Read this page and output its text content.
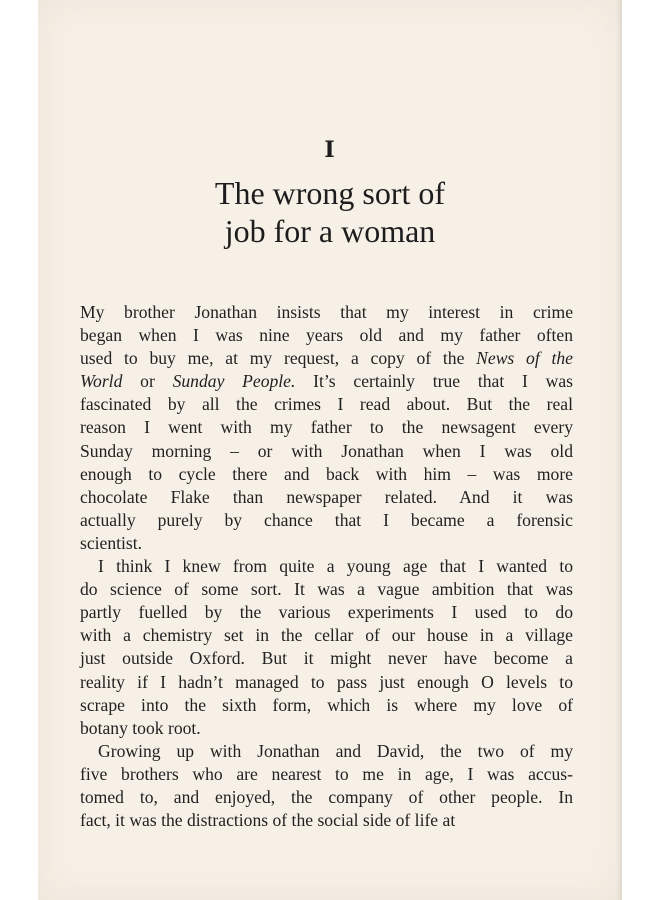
I
The wrong sort of
job for a woman
My brother Jonathan insists that my interest in crime
began when I was nine years old and my father often
used to buy me, at my request, a copy of the News of the
World or Sunday People. It’s certainly true that I was
fascinated by all the crimes I read about. But the real
reason I went with my father to the newsagent every
Sunday morning – or with Jonathan when I was old
enough to cycle there and back with him – was more
chocolate Flake than newspaper related. And it was
actually purely by chance that I became a forensic
scientist.
I think I knew from quite a young age that I wanted to
do science of some sort. It was a vague ambition that was
partly fuelled by the various experiments I used to do
with a chemistry set in the cellar of our house in a village
just outside Oxford. But it might never have become a
reality if I hadn’t managed to pass just enough O levels to
scrape into the sixth form, which is where my love of
botany took root.
Growing up with Jonathan and David, the two of my
five brothers who are nearest to me in age, I was accus-
tomed to, and enjoyed, the company of other people. In
fact, it was the distractions of the social side of life at
